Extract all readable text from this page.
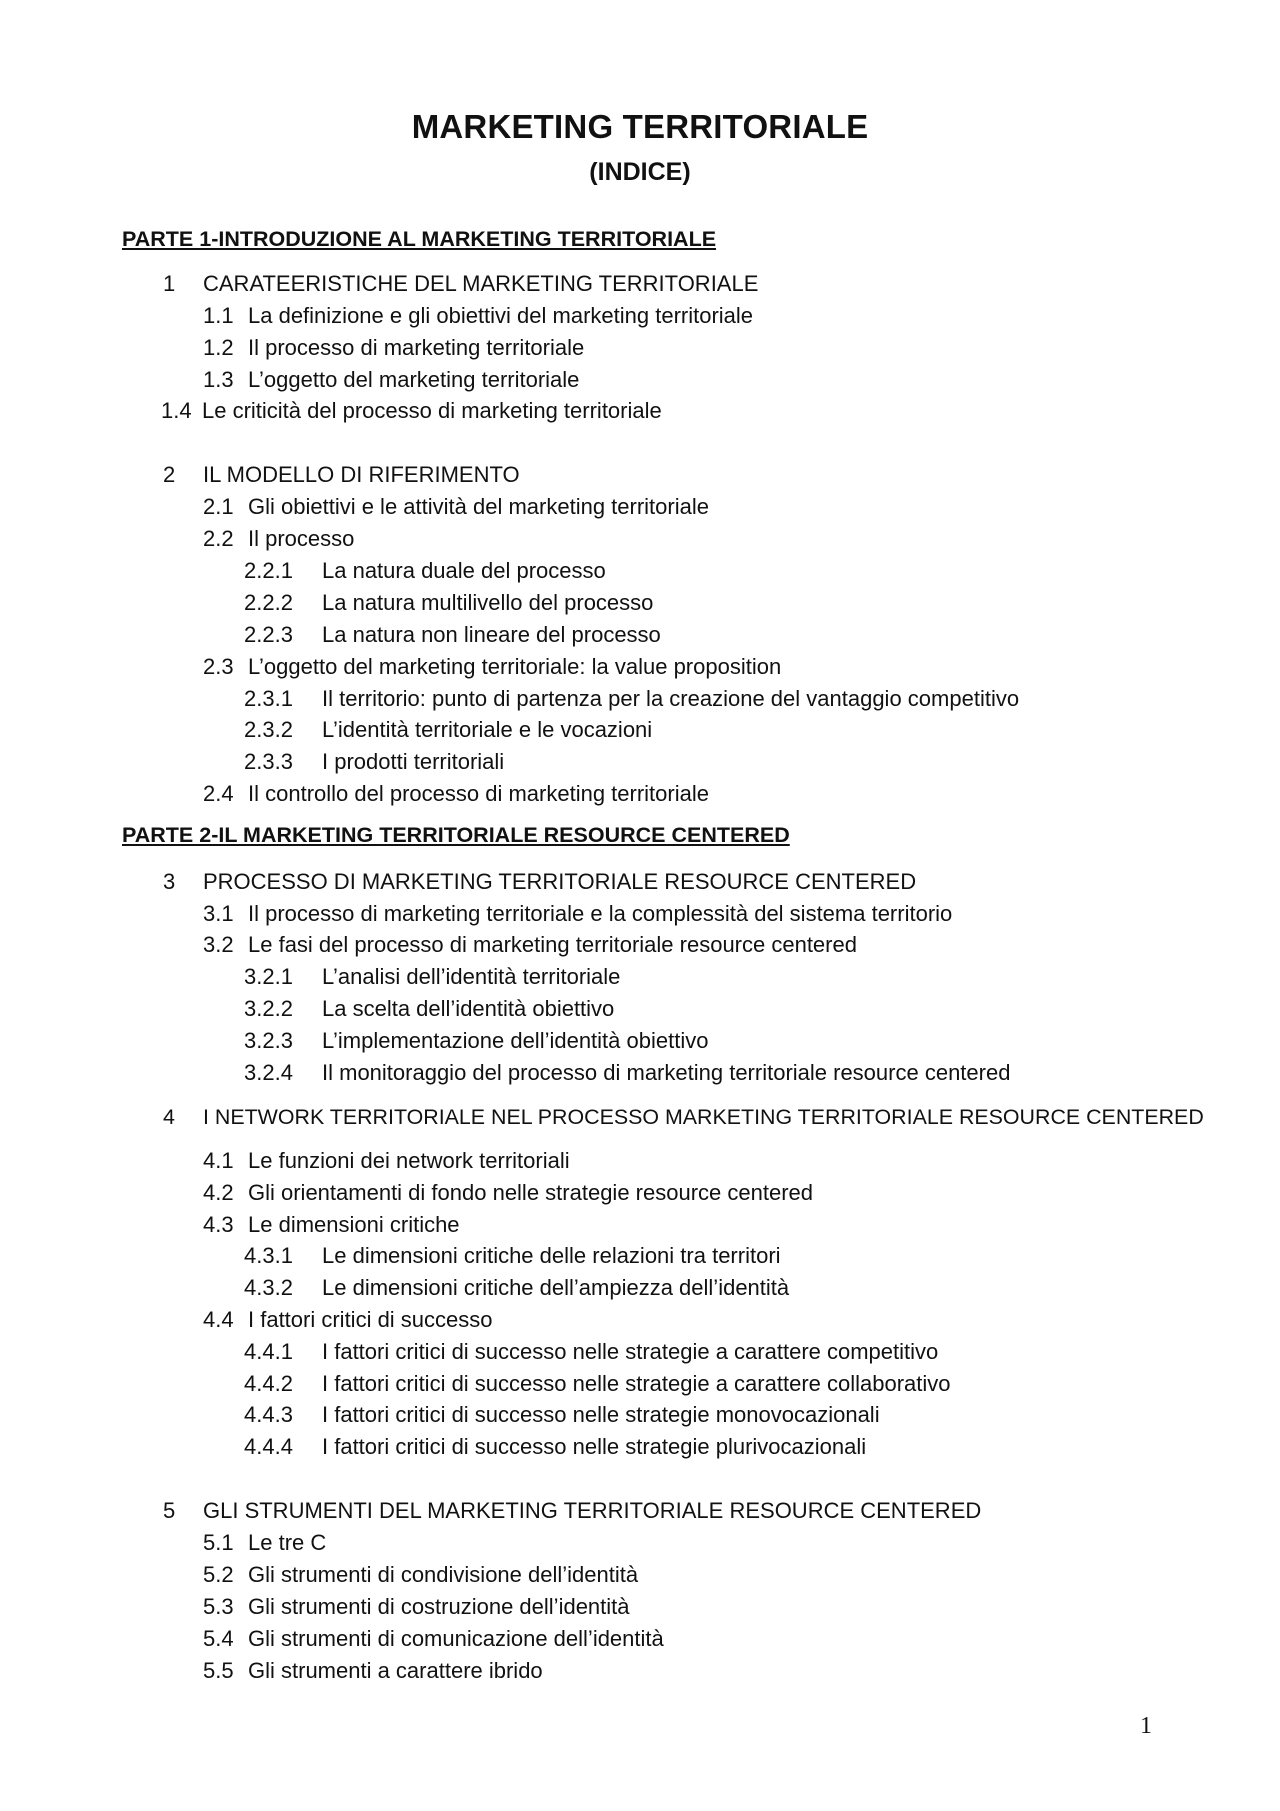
MARKETING TERRITORIALE
(INDICE)
PARTE 1-INTRODUZIONE AL MARKETING TERRITORIALE
1 CARATEERISTICHE DEL MARKETING TERRITORIALE
1.1 La definizione e gli obiettivi del marketing territoriale
1.2 Il processo di marketing territoriale
1.3 L’oggetto del marketing territoriale
1.4 Le criticità del processo di marketing territoriale
2 IL MODELLO DI RIFERIMENTO
2.1 Gli obiettivi e le attività del marketing territoriale
2.2 Il processo
2.2.1 La natura duale del processo
2.2.2 La natura multilivello del processo
2.2.3 La natura non lineare del processo
2.3 L’oggetto del marketing territoriale: la value proposition
2.3.1 Il territorio: punto di partenza per la creazione del vantaggio competitivo
2.3.2 L’identità territoriale e le vocazioni
2.3.3 I prodotti territoriali
2.4 Il controllo del processo di marketing territoriale
PARTE 2-IL MARKETING TERRITORIALE RESOURCE CENTERED
3 PROCESSO DI MARKETING TERRITORIALE RESOURCE CENTERED
3.1 Il processo di marketing territoriale e la complessità del sistema territorio
3.2 Le fasi del processo di marketing territoriale resource centered
3.2.1 L’analisi dell’identità territoriale
3.2.2 La scelta dell’identità obiettivo
3.2.3 L’implementazione dell’identità obiettivo
3.2.4 Il monitoraggio del processo di marketing territoriale resource centered
4 I NETWORK TERRITORIALE NEL PROCESSO MARKETING TERRITORIALE RESOURCE CENTERED
4.1 Le funzioni dei network territoriali
4.2 Gli orientamenti di fondo nelle strategie resource centered
4.3 Le dimensioni critiche
4.3.1 Le dimensioni critiche delle relazioni tra territori
4.3.2 Le dimensioni critiche dell’ampiezza dell’identità
4.4 I fattori critici di successo
4.4.1 I fattori critici di successo nelle strategie a carattere competitivo
4.4.2 I fattori critici di successo nelle strategie a carattere collaborativo
4.4.3 I fattori critici di successo nelle strategie monovocazionali
4.4.4 I fattori critici di successo nelle strategie plurivocazionali
5 GLI STRUMENTI DEL MARKETING TERRITORIALE RESOURCE CENTERED
5.1 Le tre C
5.2 Gli strumenti di condivisione dell’identità
5.3 Gli strumenti di costruzione dell’identità
5.4 Gli strumenti di comunicazione dell’identità
5.5 Gli strumenti a carattere ibrido
1
